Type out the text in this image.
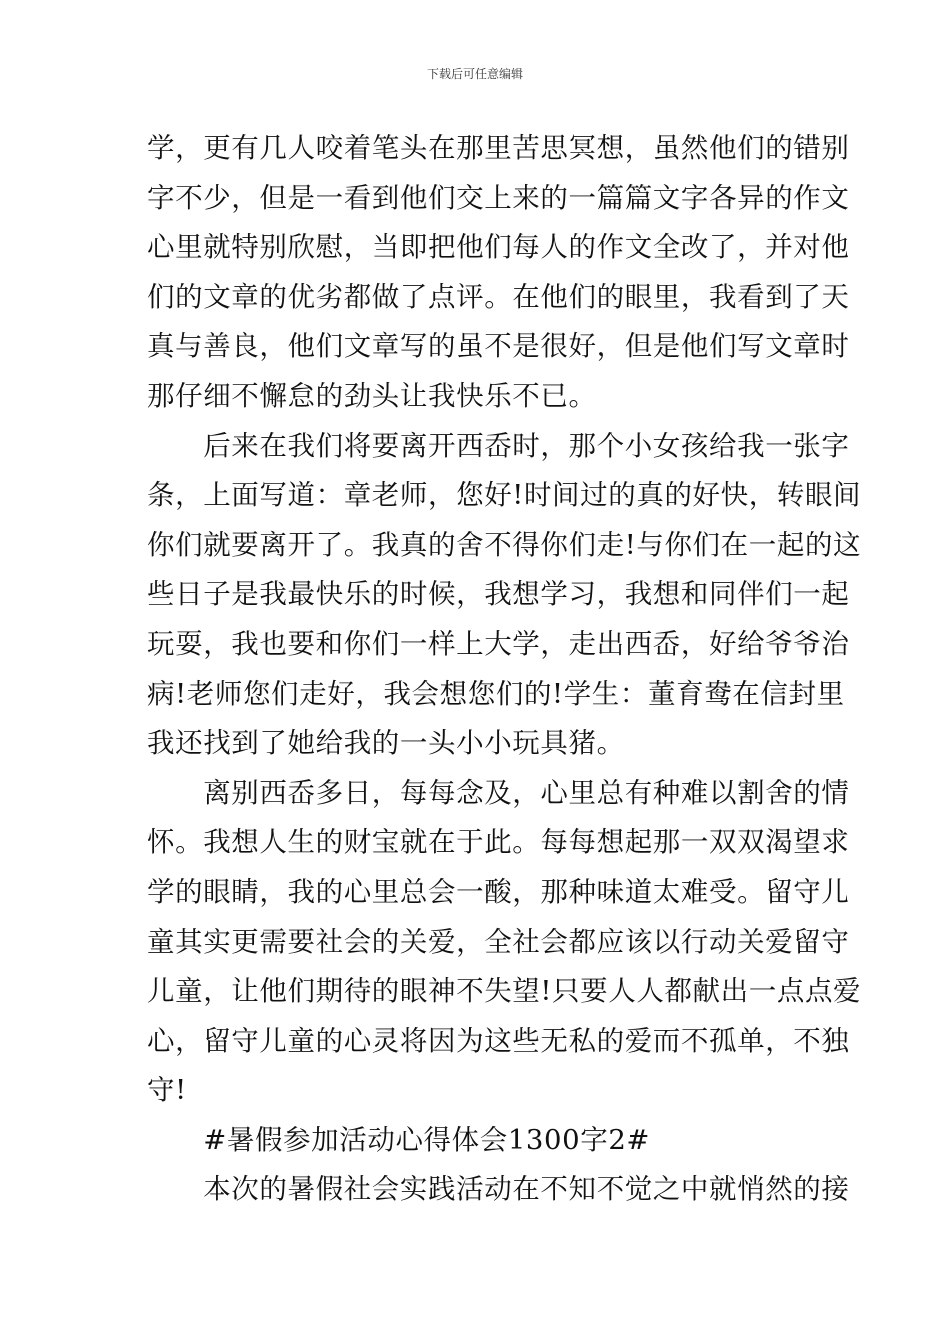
下载后可任意编辑
学，更有几人咬着笔头在那里苦思冥想，虽然他们的错别
字不少，但是一看到他们交上来的一篇篇文字各异的作文
心里就特别欣慰，当即把他们每人的作文全改了，并对他
们的文章的优劣都做了点评。在他们的眼里，我看到了天
真与善良，他们文章写的虽不是很好，但是他们写文章时
那仔细不懈怠的劲头让我快乐不已。
　　后来在我们将要离开西岙时，那个小女孩给我一张字
条，上面写道：章老师，您好!时间过的真的好快，转眼间
你们就要离开了。我真的舍不得你们走!与你们在一起的这
些日子是我最快乐的时候，我想学习，我想和同伴们一起
玩耍，我也要和你们一样上大学，走出西岙，好给爷爷治
病!老师您们走好，我会想您们的!学生：董育鸯在信封里
我还找到了她给我的一头小小玩具猪。
　　离别西岙多日，每每念及，心里总有种难以割舍的情
怀。我想人生的财宝就在于此。每每想起那一双双渴望求
学的眼睛，我的心里总会一酸，那种味道太难受。留守儿
童其实更需要社会的关爱，全社会都应该以行动关爱留守
儿童，让他们期待的眼神不失望!只要人人都献出一点点爱
心，留守儿童的心灵将因为这些无私的爱而不孤单，不独
守!
　　#暑假参加活动心得体会1300字2#
　　本次的暑假社会实践活动在不知不觉之中就悄然的接
